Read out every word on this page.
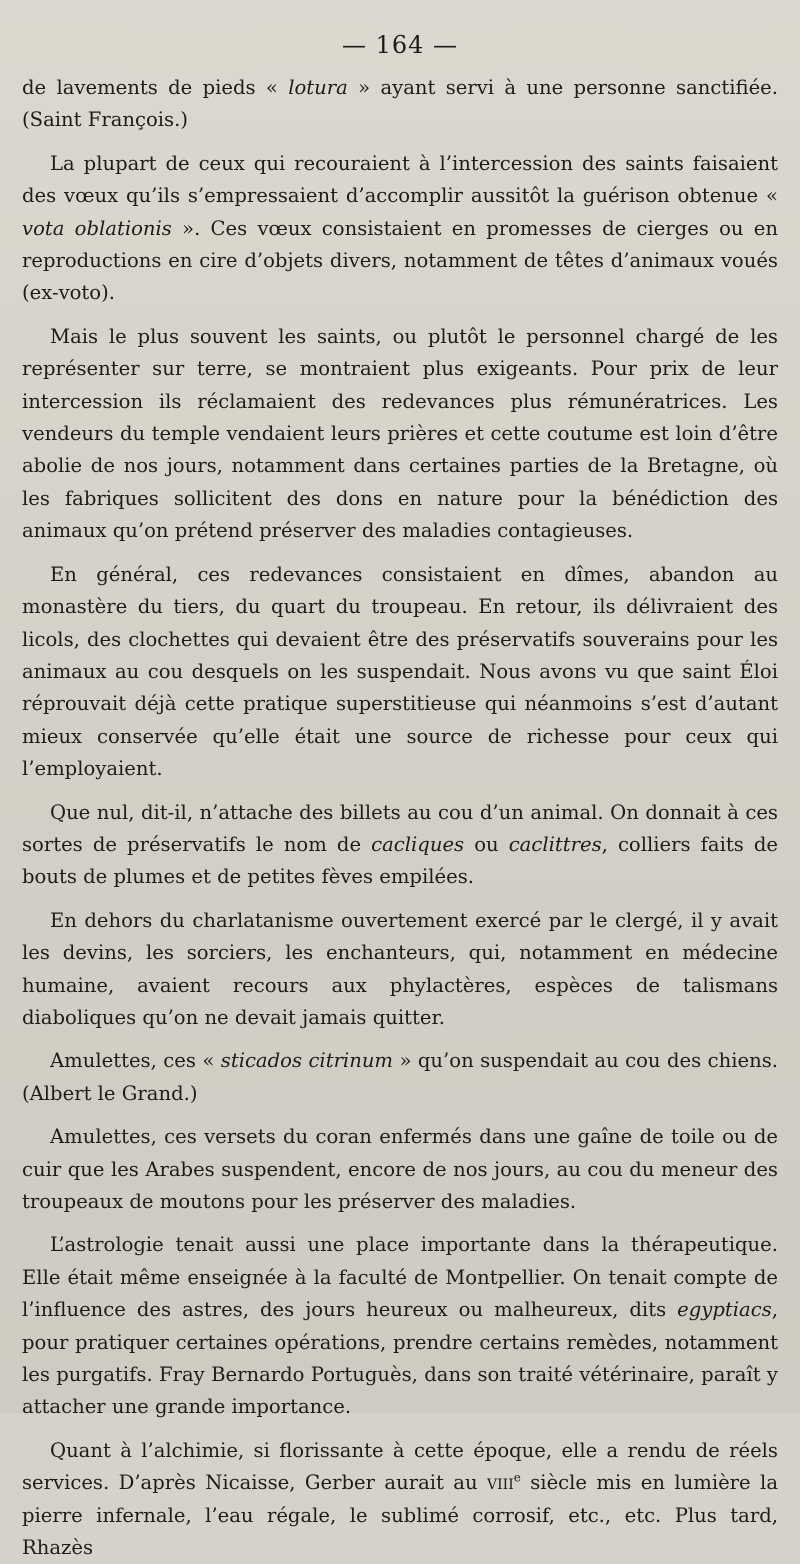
— 164 —

de lavements de pieds « lotura » ayant servi à une personne sanctifiée. (Saint François.)

La plupart de ceux qui recouraient à l’intercession des saints faisaient des vœux qu’ils s’empressaient d’accomplir aussitôt la guérison obtenue « vota oblationis ». Ces vœux consistaient en promesses de cierges ou en reproductions en cire d’objets divers, notamment de têtes d’animaux voués (ex-voto).

Mais le plus souvent les saints, ou plutôt le personnel chargé de les représenter sur terre, se montraient plus exigeants. Pour prix de leur intercession ils réclamaient des redevances plus rémunératrices. Les vendeurs du temple vendaient leurs prières et cette coutume est loin d’être abolie de nos jours, notamment dans certaines parties de la Bretagne, où les fabriques sollicitent des dons en nature pour la bénédiction des animaux qu’on prétend préserver des maladies contagieuses.

En général, ces redevances consistaient en dîmes, abandon au monastère du tiers, du quart du troupeau. En retour, ils délivraient des licols, des clochettes qui devaient être des préservatifs souverains pour les animaux au cou desquels on les suspendait. Nous avons vu que saint Éloi réprouvait déjà cette pratique superstitieuse qui néanmoins s’est d’autant mieux conservée qu’elle était une source de richesse pour ceux qui l’employaient.

Que nul, dit-il, n’attache des billets au cou d’un animal. On donnait à ces sortes de préservatifs le nom de cacliques ou caclittres, colliers faits de bouts de plumes et de petites fèves empilées.

En dehors du charlatanisme ouvertement exercé par le clergé, il y avait les devins, les sorciers, les enchanteurs, qui, notamment en médecine humaine, avaient recours aux phylactères, espèces de talismans diaboliques qu’on ne devait jamais quitter.

Amulettes, ces « sticados citrinum » qu’on suspendait au cou des chiens. (Albert le Grand.)

Amulettes, ces versets du coran enfermés dans une gaîne de toile ou de cuir que les Arabes suspendent, encore de nos jours, au cou du meneur des troupeaux de moutons pour les préserver des maladies.

L’astrologie tenait aussi une place importante dans la thérapeutique. Elle était même enseignée à la faculté de Montpellier. On tenait compte de l’influence des astres, des jours heureux ou malheureux, dits egyptiacs, pour pratiquer certaines opérations, prendre certains remèdes, notamment les purgatifs. Fray Bernardo Portuguès, dans son traité vétérinaire, paraît y attacher une grande importance.

Quant à l’alchimie, si florissante à cette époque, elle a rendu de réels services. D’après Nicaisse, Gerber aurait au viii$^e$ siècle mis en lumière la pierre infernale, l’eau régale, le sublimé corrosif, etc., etc. Plus tard, Rhazès
